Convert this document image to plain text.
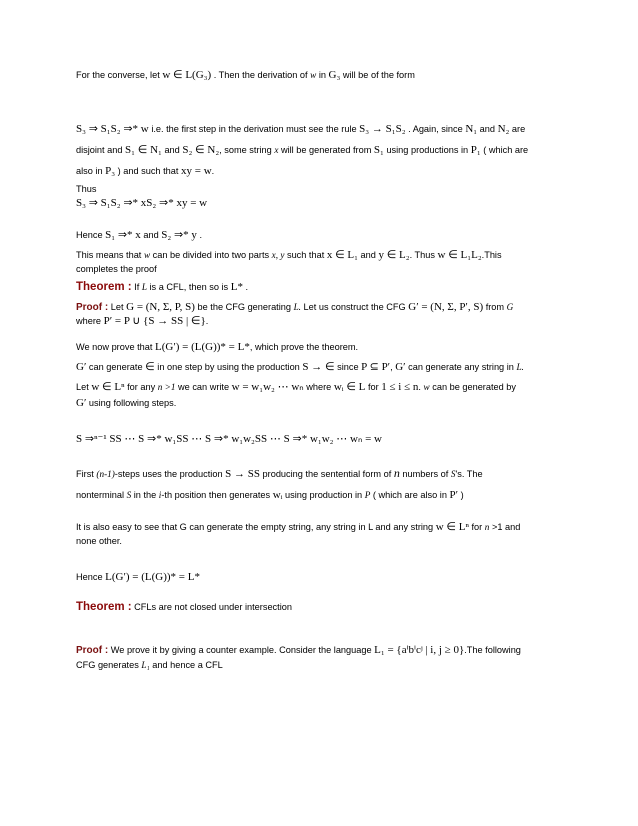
For the converse, let w ∈ L(G₃) . Then the derivation of w in G₃ will be of the form
S₃ ⇒ S₁S₂ ⇒* w i.e. the first step in the derivation must see the rule S₃ → S₁S₂ . Again, since N₁ and N₂ are
disjoint and S₁ ∈ N₁ and S₂ ∈ N₂, some string x will be generated from S₁ using productions in P₁ ( which are
also in P₃ ) and such that xy = w.
Thus
S₃ ⇒ S₁S₂ ⇒* xS₂ ⇒* xy = w
Hence S₁ ⇒* x and S₂ ⇒* y .
This means that w can be divided into two parts x, y such that x ∈ L₁ and y ∈ L₂. Thus w ∈ L₁L₂.This
completes the proof
Theorem : If L is a CFL, then so is L* .
Proof : Let G = (N, Σ, P, S) be the CFG generating L. Let us construct the CFG G′ = (N, Σ, P′, S) from G
where P′ = P ∪ {S → SS | ∈}.
We now prove that L(G′) = (L(G))* = L*, which prove the theorem.
G′ can generate ∈ in one step by using the production S → ∈ since P ⊆ P′, G′ can generate any string in L.
Let w ∈ Lⁿ for any n >1 we can write w = w₁w₂ ⋯ wₙ where wᵢ ∈ L for 1 ≤ i ≤ n. w can be generated by
G′ using following steps.
S ⇒ⁿ⁻¹ SS ⋯ S ⇒* w₁SS ⋯ S ⇒* w₁w₂SS ⋯ S ⇒* w₁w₂ ⋯ wₙ = w
First (n-1)-steps uses the production S → SS producing the sentential form of n numbers of S's. The
nonterminal S in the i-th position then generates wᵢ using production in P ( which are also in P′ )
It is also easy to see that G can generate the empty string, any string in L and any string w ∈ Lⁿ for n >1 and
none other.
Hence L(G′) = (L(G))* = L*
Theorem : CFLs are not closed under intersection
Proof : We prove it by giving a counter example. Consider the language L₁ = {aⁱbⁱcʲ | i, j ≥ 0}.The following
CFG generates L₁ and hence a CFL
